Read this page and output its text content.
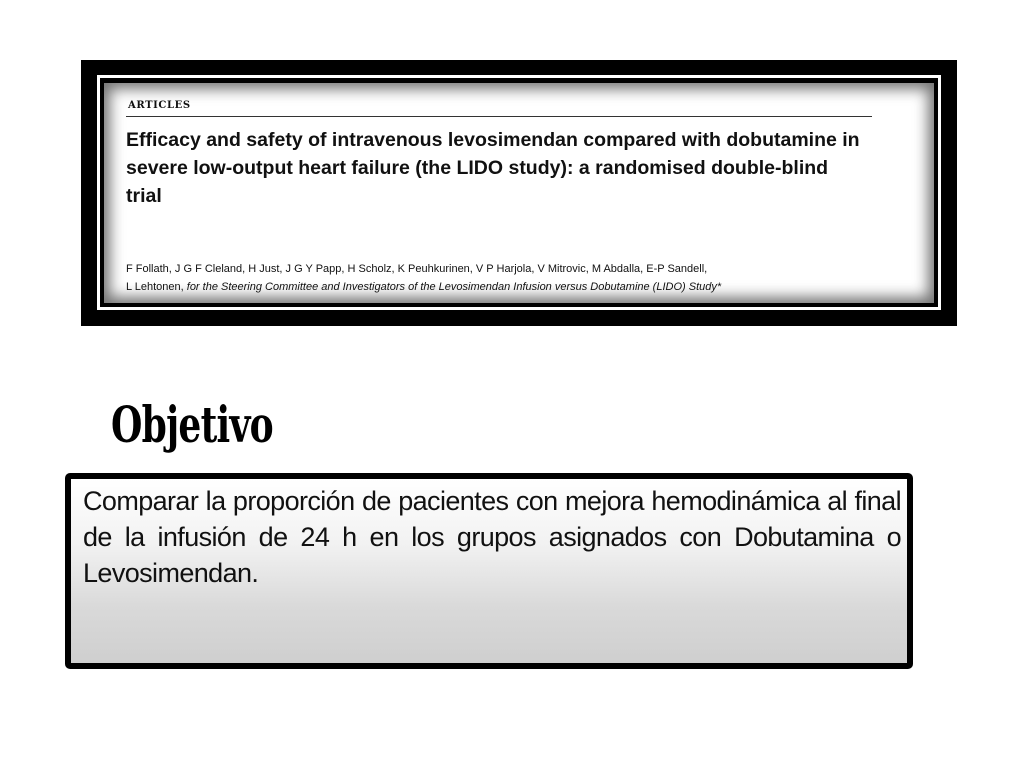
ARTICLES
Efficacy and safety of intravenous levosimendan compared with dobutamine in severe low-output heart failure (the LIDO study): a randomised double-blind trial
F Follath, J G F Cleland, H Just, J G Y Papp, H Scholz, K Peuhkurinen, V P Harjola, V Mitrovic, M Abdalla, E-P Sandell,
L Lehtonen, for the Steering Committee and Investigators of the Levosimendan Infusion versus Dobutamine (LIDO) Study*
Objetivo
Comparar la proporción de pacientes con mejora hemodinámica al final de la infusión de 24 h en los grupos asignados con Dobutamina o Levosimendan.
